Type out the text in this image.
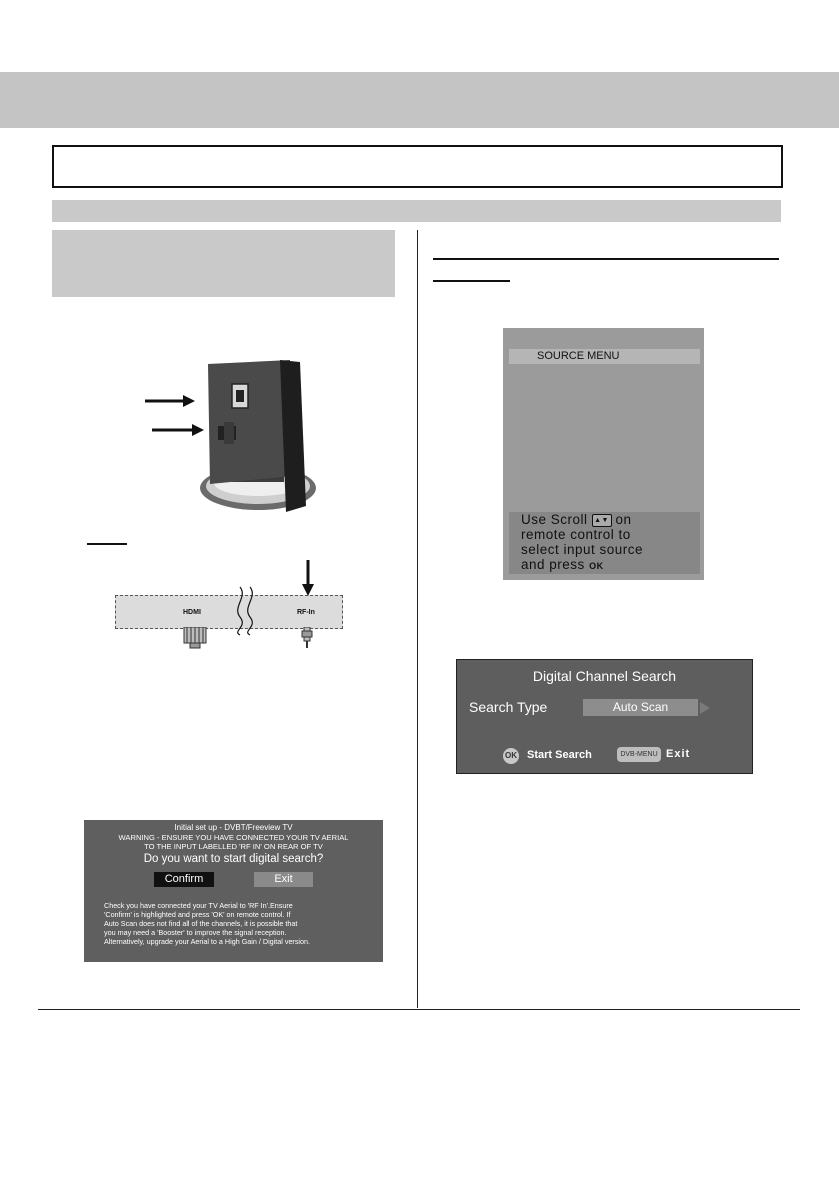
HDMI	RF-In
Initial set up - DVBT/Freeview TV
WARNING - ENSURE YOU HAVE CONNECTED YOUR TV AERIAL
TO THE INPUT LABELLED 'RF IN' ON REAR OF TV
Do you want to start digital search?
Confirm	Exit
Check you have connected your TV Aerial to 'RF In'.Ensure
'Confirm' is highlighted and press 'OK' on remote control. If
Auto Scan does not find all of the channels, it is possible that
you may need a 'Booster' to improve the signal reception.
Alternatively, upgrade your Aerial to a High Gain / Digital version.
SOURCE MENU
Use Scroll ▲▼ on
remote control to
select input source
and press OK
Digital Channel Search
Search Type	Auto Scan
OK Start Search	DVB-MENU Exit
